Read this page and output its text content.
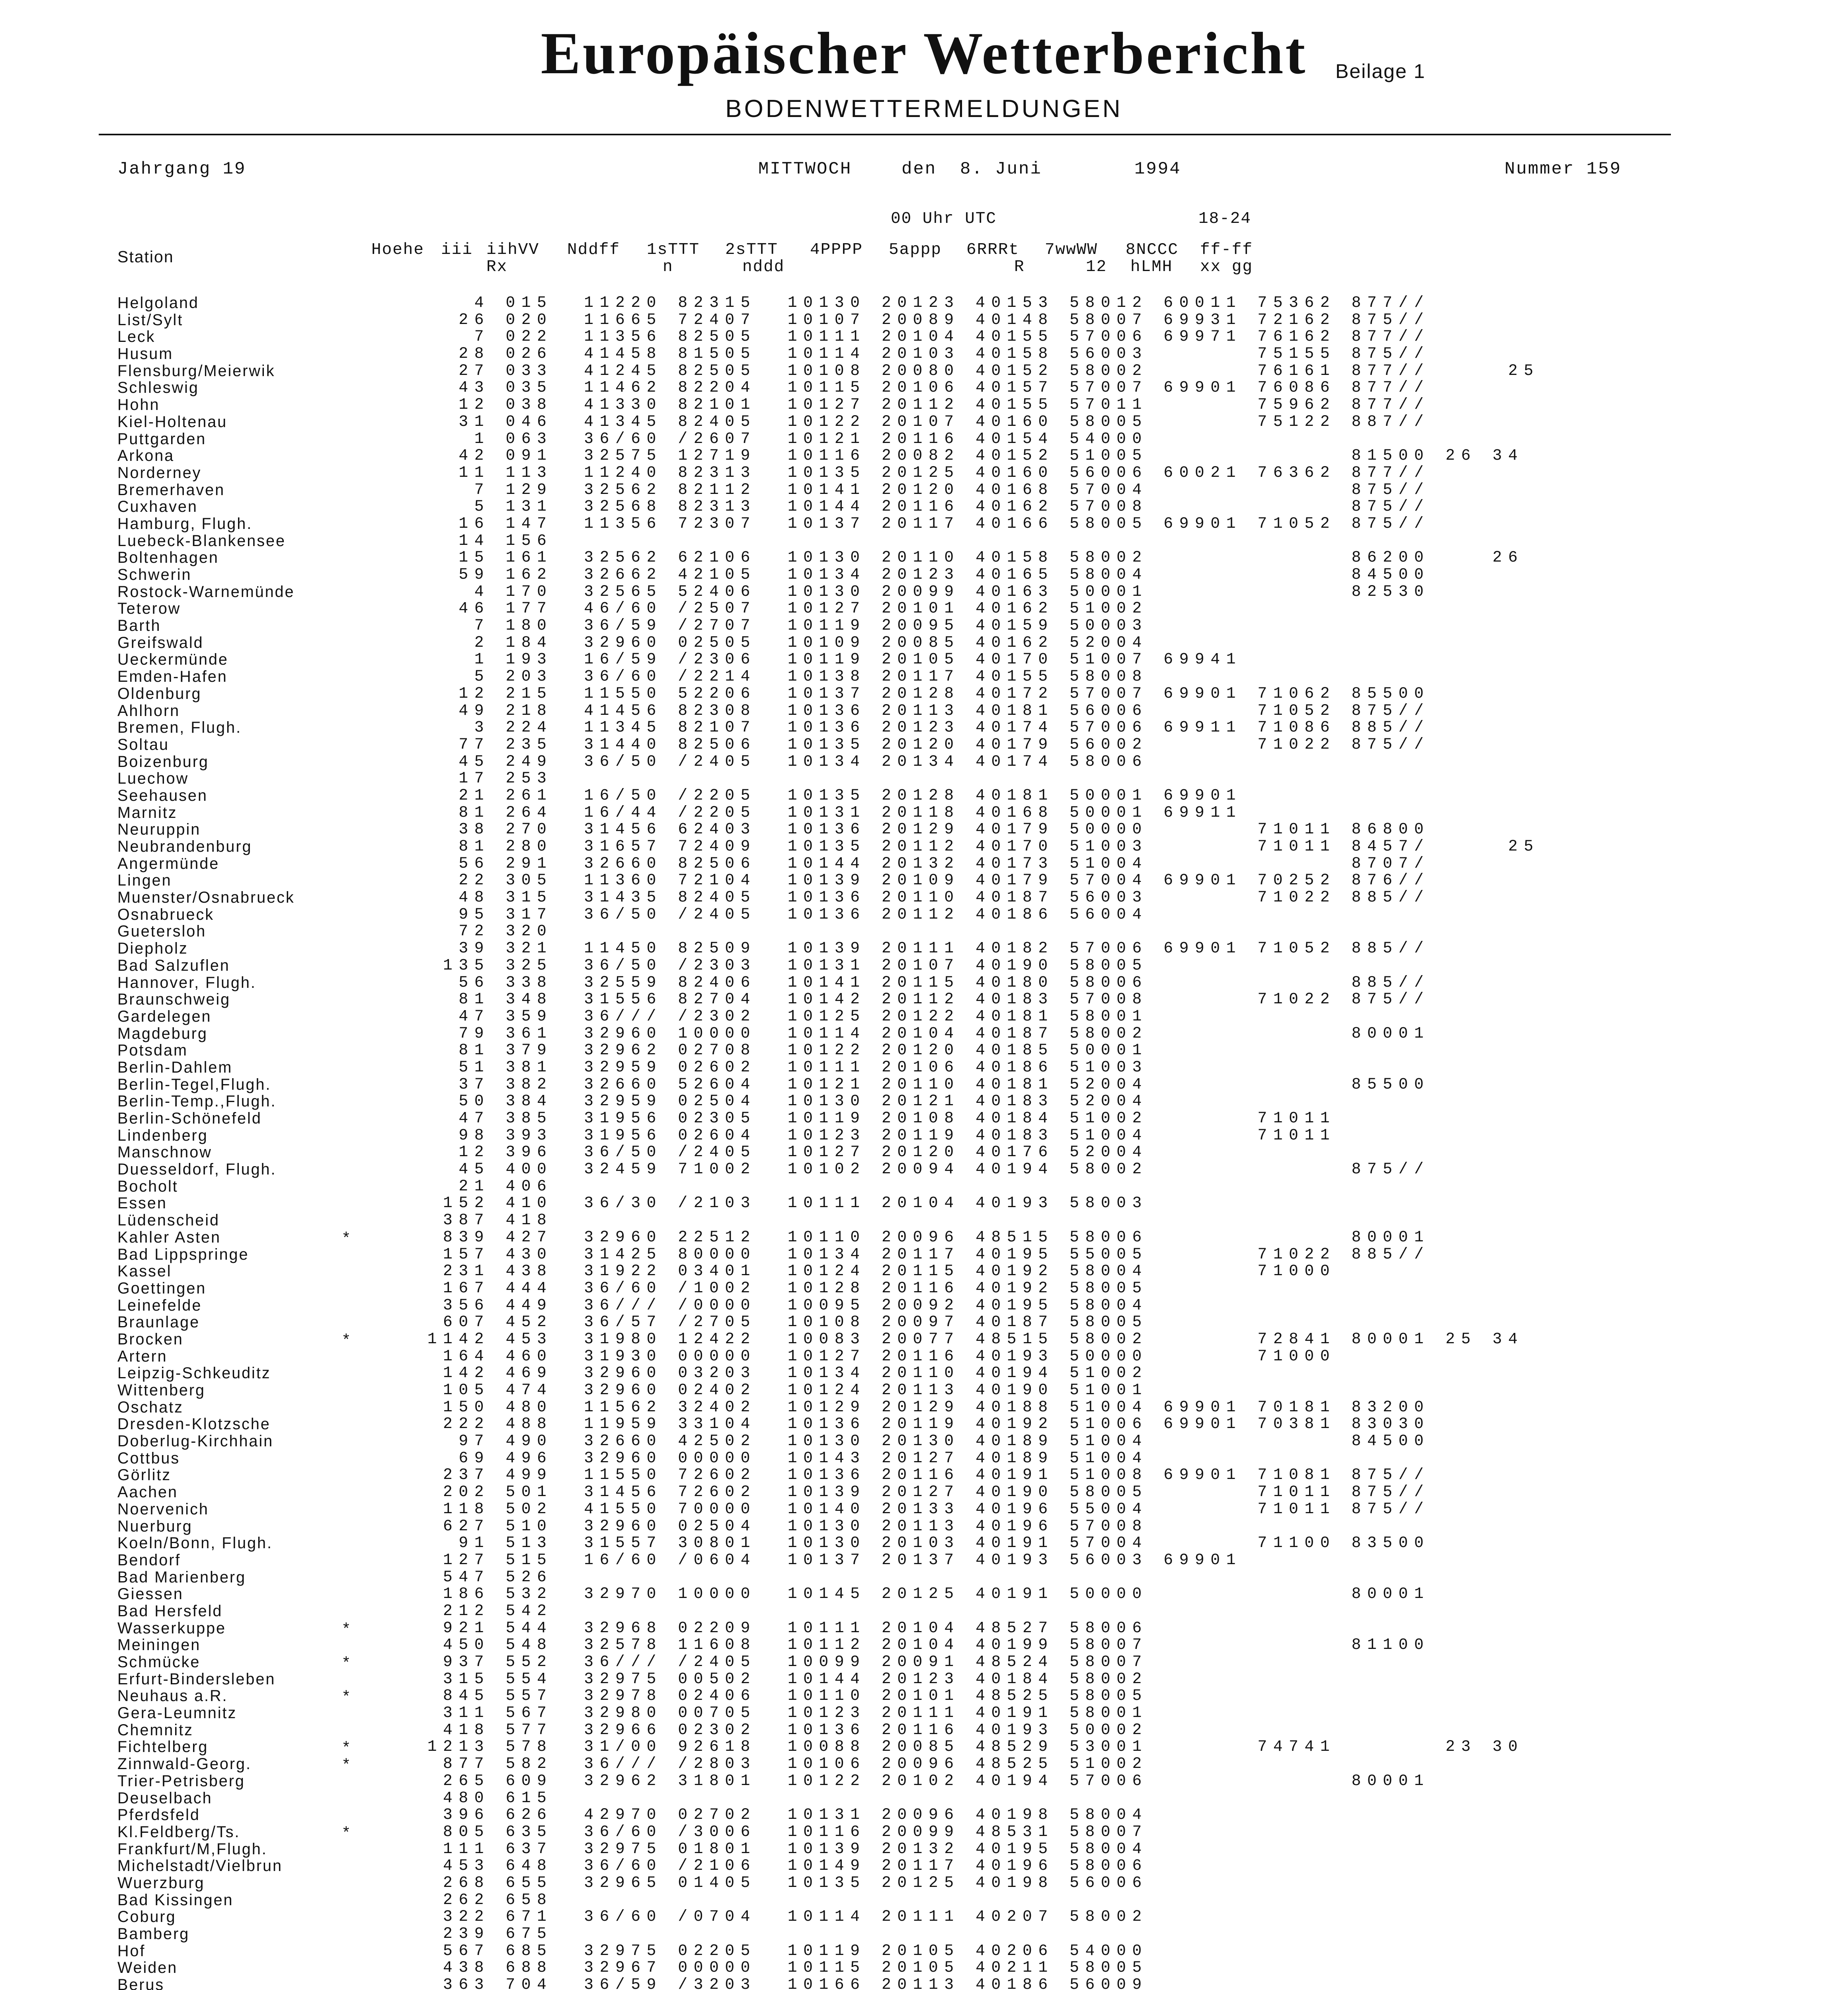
Europäischer Wetterbericht	Beilage 1
BODENWETTERMELDUNGEN
Jahrgang 19	MITTWOCH	den  8. Juni	1994	Nummer 159
00 Uhr UTC	18-24
Station	Hoehe iii iihVV Nddff 1sTTT 2sTTT 4PPPP 5appp 6RRRt 7wwWW 8NCCC ff-ff
Rx	n	nddd	R	12 hLMH xx gg
Helgoland	4 015  11220 82315  10130 20123 40153 58012 60011 75362 877//
List/Sylt	26 020  11665 72407  10107 20089 40148 58007 69931 72162 875//
Leck	7 022  11356 82505  10111 20104 40155 57006 69971 76162 877//
Husum	28 026  41458 81505  10114 20103 40158 56003       75155 875//
Flensburg/Meierwik	27 033  41245 82505  10108 20080 40152 58002       76161 877//     25
Schleswig	43 035  11462 82204  10115 20106 40157 57007 69901 76086 877//
Hohn	12 038  41330 82101  10127 20112 40155 57011       75962 877//
Kiel-Holtenau	31 046  41345 82405  10122 20107 40160 58005       75122 887//
Puttgarden	1 063  36/60 /2607  10121 20116 40154 54000
Arkona	42 091  32575 12719  10116 20082 40152 51005             81500 26 34
Norderney	11 113  11240 82313  10135 20125 40160 56006 60021 76362 877//
Bremerhaven	7 129  32562 82112  10141 20120 40168 57004             875//
Cuxhaven	5 131  32568 82313  10144 20116 40162 57008             875//
Hamburg, Flugh.	16 147  11356 72307  10137 20117 40166 58005 69901 71052 875//
Luebeck-Blankensee	14 156
Boltenhagen	15 161  32562 62106  10130 20110 40158 58002             86200    26
Schwerin	59 162  32662 42105  10134 20123 40165 58004             84500
Rostock-Warnemünde	4 170  32565 52406  10130 20099 40163 50001             82530
Teterow	46 177  46/60 /2507  10127 20101 40162 51002
Barth	7 180  36/59 /2707  10119 20095 40159 50003
Greifswald	2 184  32960 02505  10109 20085 40162 52004
Ueckermünde	1 193  16/59 /2306  10119 20105 40170 51007 69941
Emden-Hafen	5 203  36/60 /2214  10138 20117 40155 58008
Oldenburg	12 215  11550 52206  10137 20128 40172 57007 69901 71062 85500
Ahlhorn	49 218  41456 82308  10136 20113 40181 56006       71052 875//
Bremen, Flugh.	3 224  11345 82107  10136 20123 40174 57006 69911 71086 885//
Soltau	77 235  31440 82506  10135 20120 40179 56002       71022 875//
Boizenburg	45 249  36/50 /2405  10134 20134 40174 58006
Luechow	17 253
Seehausen	21 261  16/50 /2205  10135 20128 40181 50001 69901
Marnitz	81 264  16/44 /2205  10131 20118 40168 50001 69911
Neuruppin	38 270  31456 62403  10136 20129 40179 50000       71011 86800
Neubrandenburg	81 280  31657 72409  10135 20112 40170 51003       71011 8457/     25
Angermünde	56 291  32660 82506  10144 20132 40173 51004             8707/
Lingen	22 305  11360 72104  10139 20109 40179 57004 69901 70252 876//
Muenster/Osnabrueck	48 315  31435 82405  10136 20110 40187 56003       71022 885//
Osnabrueck	95 317  36/50 /2405  10136 20112 40186 56004
Guetersloh	72 320
Diepholz	39 321  11450 82509  10139 20111 40182 57006 69901 71052 885//
Bad Salzuflen	135 325  36/50 /2303  10131 20107 40190 58005
Hannover, Flugh.	56 338  32559 82406  10141 20115 40180 58006             885//
Braunschweig	81 348  31556 82704  10142 20112 40183 57008       71022 875//
Gardelegen	47 359  36/// /2302  10125 20122 40181 58001
Magdeburg	79 361  32960 10000  10114 20104 40187 58002             80001
Potsdam	81 379  32962 02708  10122 20120 40185 50001
Berlin-Dahlem	51 381  32959 02602  10111 20106 40186 51003
Berlin-Tegel,Flugh.	37 382  32660 52604  10121 20110 40181 52004             85500
Berlin-Temp.,Flugh.	50 384  32959 02504  10130 20121 40183 52004
Berlin-Schönefeld	47 385  31956 02305  10119 20108 40184 51002       71011
Lindenberg	98 393  31956 02604  10123 20119 40183 51004       71011
Manschnow	12 396  36/50 /2405  10127 20120 40176 52004
Duesseldorf, Flugh.	45 400  32459 71002  10102 20094 40194 58002             875//
Bocholt	21 406
Essen	152 410  36/30 /2103  10111 20104 40193 58003
Lüdenscheid	387 418
Kahler Asten	*	839 427  32960 22512  10110 20096 48515 58006             80001
Bad Lippspringe	157 430  31425 80000  10134 20117 40195 55005       71022 885//
Kassel	231 438  31922 03401  10124 20115 40192 58004       71000
Goettingen	167 444  36/60 /1002  10128 20116 40192 58005
Leinefelde	356 449  36/// /0000  10095 20092 40195 58004
Braunlage	607 452  36/57 /2705  10108 20097 40187 58005
Brocken	*	1142 453  31980 12422  10083 20077 48515 58002       72841 80001 25 34
Artern	164 460  31930 00000  10127 20116 40193 50000       71000
Leipzig-Schkeuditz	142 469  32960 03203  10134 20110 40194 51002
Wittenberg	105 474  32960 02402  10124 20113 40190 51001
Oschatz	150 480  11562 32402  10129 20129 40188 51004 69901 70181 83200
Dresden-Klotzsche	222 488  11959 33104  10136 20119 40192 51006 69901 70381 83030
Doberlug-Kirchhain	97 490  32660 42502  10130 20130 40189 51004             84500
Cottbus	69 496  32960 00000  10143 20127 40189 51004
Görlitz	237 499  11550 72602  10136 20116 40191 51008 69901 71081 875//
Aachen	202 501  31456 72602  10139 20127 40190 58005       71011 875//
Noervenich	118 502  41550 70000  10140 20133 40196 55004       71011 875//
Nuerburg	627 510  32960 02504  10130 20113 40196 57008
Koeln/Bonn, Flugh.	91 513  31557 30801  10130 20103 40191 57004       71100 83500
Bendorf	127 515  16/60 /0604  10137 20137 40193 56003 69901
Bad Marienberg	547 526
Giessen	186 532  32970 10000  10145 20125 40191 50000             80001
Bad Hersfeld	212 542
Wasserkuppe	*	921 544  32968 02209  10111 20104 48527 58006
Meiningen	450 548  32578 11608  10112 20104 40199 58007             81100
Schmücke	*	937 552  36/// /2405  10099 20091 48524 58007
Erfurt-Bindersleben	315 554  32975 00502  10144 20123 40184 58002
Neuhaus a.R.	*	845 557  32978 02406  10110 20101 48525 58005
Gera-Leumnitz	311 567  32980 00705  10123 20111 40191 58001
Chemnitz	418 577  32966 02302  10136 20116 40193 50002
Fichtelberg	*	1213 578  31/00 92618  10088 20085 48529 53001       74741       23 30
Zinnwald-Georg.	*	877 582  36/// /2803  10106 20096 48525 51002
Trier-Petrisberg	265 609  32962 31801  10122 20102 40194 57006             80001
Deuselbach	480 615
Pferdsfeld	396 626  42970 02702  10131 20096 40198 58004
Kl.Feldberg/Ts.	*	805 635  36/60 /3006  10116 20099 48531 58007
Frankfurt/M,Flugh.	111 637  32975 01801  10139 20132 40195 58004
Michelstadt/Vielbrun	453 648  36/60 /2106  10149 20117 40196 58006
Wuerzburg	268 655  32965 01405  10135 20125 40198 56006
Bad Kissingen	262 658
Coburg	322 671  36/60 /0704  10114 20111 40207 58002
Bamberg	239 675
Hof	567 685  32975 02205  10119 20105 40206 54000
Weiden	438 688  32967 00000  10115 20105 40211 58005
Berus	363 704  36/59 /3203  10166 20113 40186 56009
